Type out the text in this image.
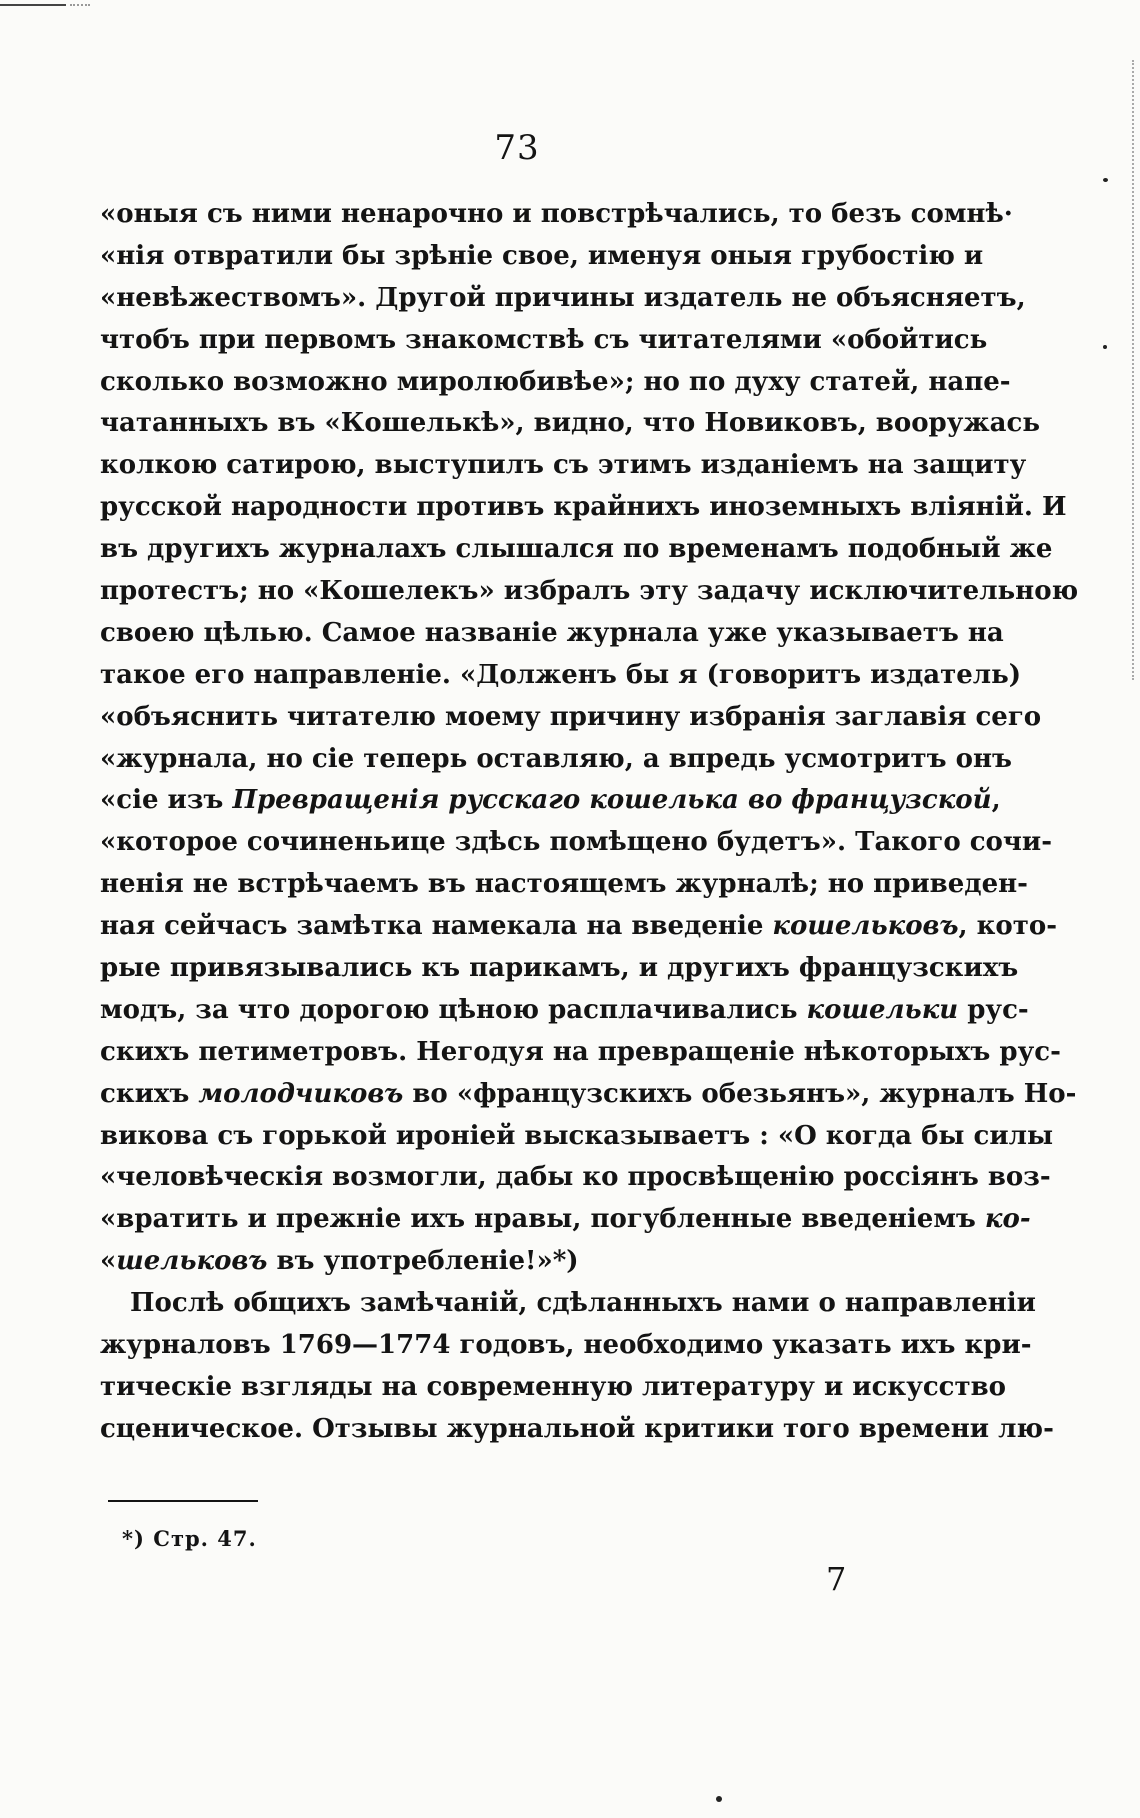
73
«оныя съ ними ненарочно и повстрѣчались, то безъ сомнѣ·
«нія отвратили бы зрѣніе свое, именуя оныя грубостію и
«невѣжествомъ». Другой причины издатель не объясняетъ,
чтобъ при первомъ знакомствѣ съ читателями «обойтись
сколько возможно миролюбивѣе»; но по духу статей, напе-
чатанныхъ въ «Кошелькѣ», видно, что Новиковъ, вооружась
колкою сатирою, выступилъ съ этимъ изданіемъ на защиту
русской народности противъ крайнихъ иноземныхъ вліяній. И
въ другихъ журналахъ слышался по временамъ подобный же
протестъ; но «Кошелекъ» избралъ эту задачу исключительною
своею цѣлью. Самое названіе журнала уже указываетъ на
такое его направленіе. «Долженъ бы я (говоритъ издатель)
«объяснить читателю моему причину избранія заглавія сего
«журнала, но сіе теперь оставляю, а впредь усмотритъ онъ
«сіе изъ Превращенія русскаго кошелька во французской,
«которое сочиненьице здѣсь помѣщено будетъ». Такого сочи-
ненія не встрѣчаемъ въ настоящемъ журналѣ; но приведен-
ная сейчасъ замѣтка намекала на введеніе кошельковъ, кото-
рые привязывались къ парикамъ, и другихъ французскихъ
модъ, за что дорогою цѣною расплачивались кошельки рус-
скихъ петиметровъ. Негодуя на превращеніе нѣкоторыхъ рус-
скихъ молодчиковъ во «французскихъ обезьянъ», журналъ Но-
викова съ горькой ироніей высказываетъ : «О когда бы силы
«человѣческія возмогли, дабы ко просвѣщенію россіянъ воз-
«вратить и прежніе ихъ нравы, погубленные введеніемъ ко-
«шельковъ въ употребленіе!»*)
Послѣ общихъ замѣчаній, сдѣланныхъ нами о направленіи
журналовъ 1769—1774 годовъ, необходимо указать ихъ кри-
тическіе взгляды на современную литературу и искусство
сценическое. Отзывы журнальной критики того времени лю-
*) Стр. 47.
7
